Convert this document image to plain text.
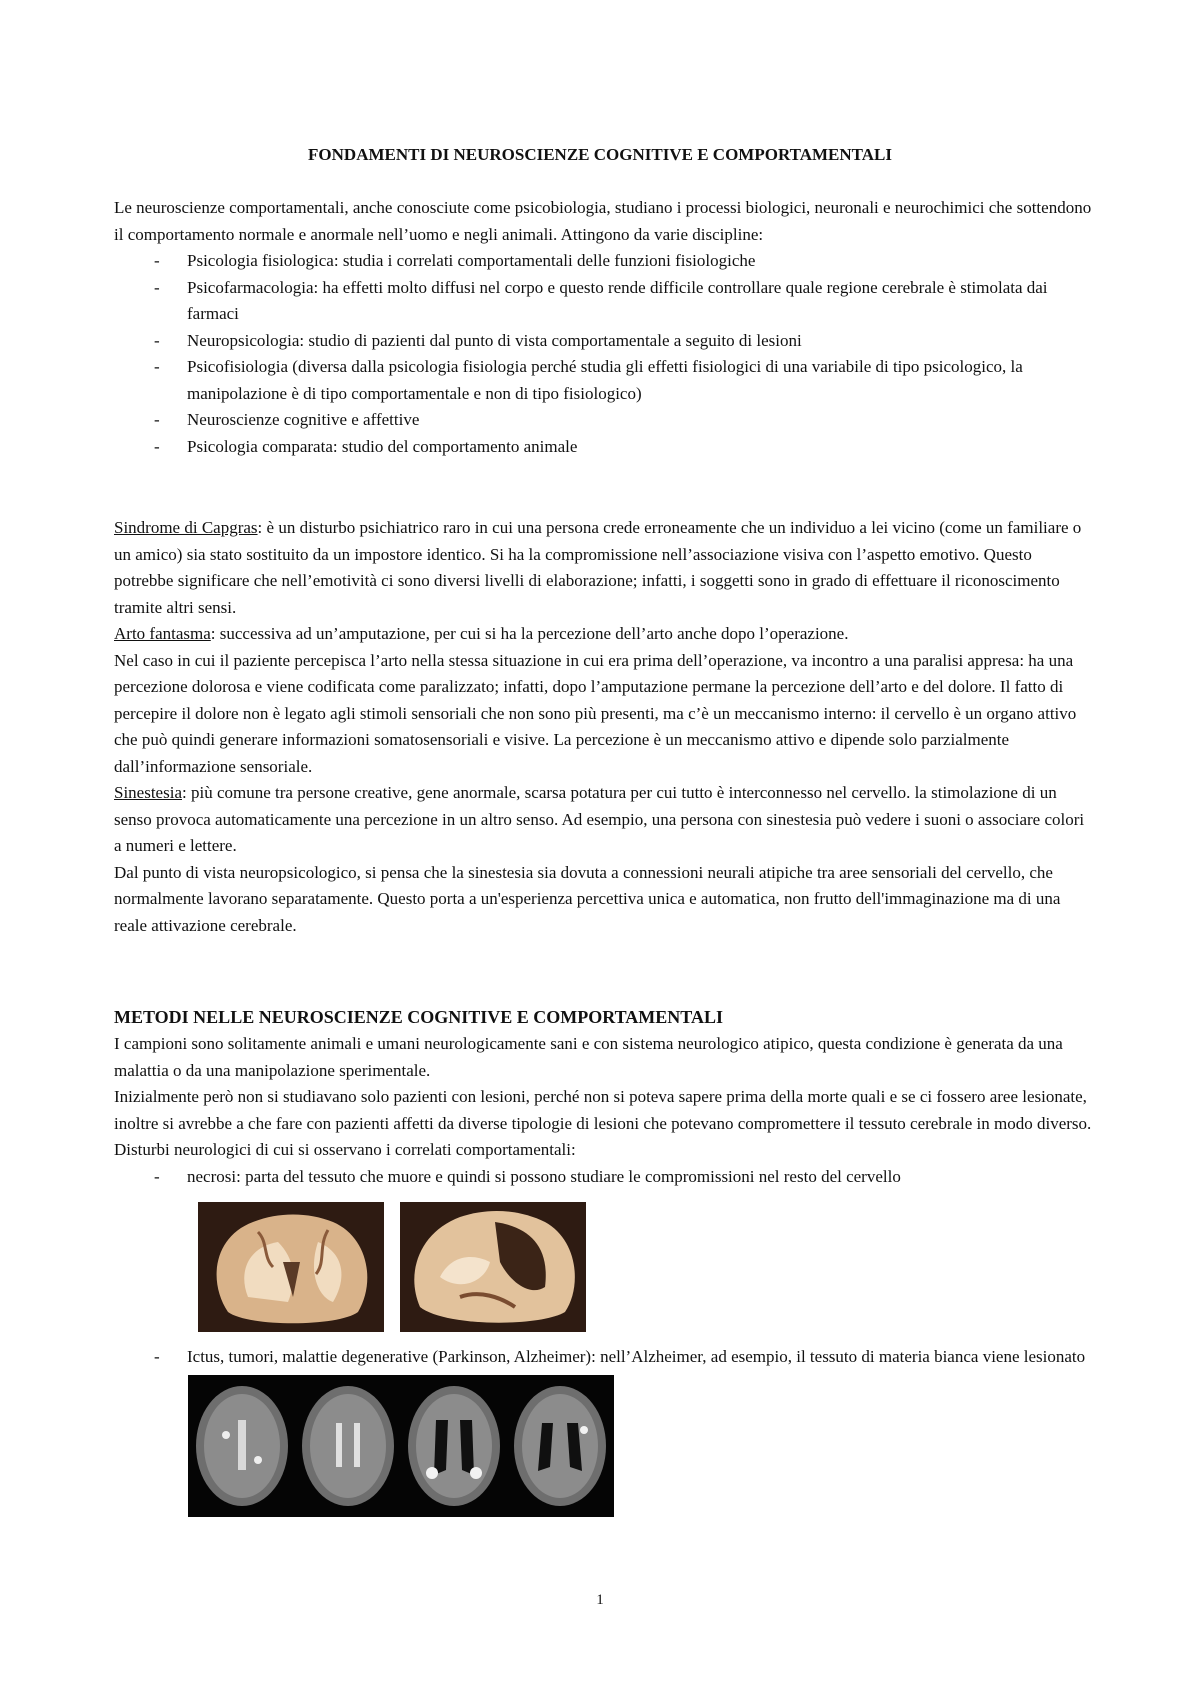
FONDAMENTI DI NEUROSCIENZE COGNITIVE E COMPORTAMENTALI

Le neuroscienze comportamentali, anche conosciute come psicobiologia, studiano i processi biologici, neuronali e neurochimici che sottendono il comportamento normale e anormale nell’uomo e negli animali. Attingono da varie discipline:

- Psicologia fisiologica: studia i correlati comportamentali delle funzioni fisiologiche
- Psicofarmacologia: ha effetti molto diffusi nel corpo e questo rende difficile controllare quale regione cerebrale è stimolata dai farmaci
- Neuropsicologia: studio di pazienti dal punto di vista comportamentale a seguito di lesioni
- Psicofisiologia (diversa dalla psicologia fisiologia perché studia gli effetti fisiologici di una variabile di tipo psicologico, la manipolazione è di tipo comportamentale e non di tipo fisiologico)
- Neuroscienze cognitive e affettive
- Psicologia comparata: studio del comportamento animale

Sindrome di Capgras: è un disturbo psichiatrico raro in cui una persona crede erroneamente che un individuo a lei vicino (come un familiare o un amico) sia stato sostituito da un impostore identico. Si ha la compromissione nell’associazione visiva con l’aspetto emotivo. Questo potrebbe significare che nell’emotività ci sono diversi livelli di elaborazione; infatti, i soggetti sono in grado di effettuare il riconoscimento tramite altri sensi.

Arto fantasma: successiva ad un’amputazione, per cui si ha la percezione dell’arto anche dopo l’operazione.

Nel caso in cui il paziente percepisca l’arto nella stessa situazione in cui era prima dell’operazione, va incontro a una paralisi appresa: ha una percezione dolorosa e viene codificata come paralizzato; infatti, dopo l’amputazione permane la percezione dell’arto e del dolore. Il fatto di percepire il dolore non è legato agli stimoli sensoriali che non sono più presenti, ma c’è un meccanismo interno: il cervello è un organo attivo che può quindi generare informazioni somatosensoriali e visive. La percezione è un meccanismo attivo e dipende solo parzialmente dall’informazione sensoriale.

Sinestesia: più comune tra persone creative, gene anormale, scarsa potatura per cui tutto è interconnesso nel cervello. la stimolazione di un senso provoca automaticamente una percezione in un altro senso. Ad esempio, una persona con sinestesia può vedere i suoni o associare colori a numeri e lettere.

Dal punto di vista neuropsicologico, si pensa che la sinestesia sia dovuta a connessioni neurali atipiche tra aree sensoriali del cervello, che normalmente lavorano separatamente. Questo porta a un'esperienza percettiva unica e automatica, non frutto dell'immaginazione ma di una reale attivazione cerebrale.

METODI NELLE NEUROSCIENZE COGNITIVE E COMPORTAMENTALI

I campioni sono solitamente animali e umani neurologicamente sani e con sistema neurologico atipico, questa condizione è generata da una malattia o da una manipolazione sperimentale.

Inizialmente però non si studiavano solo pazienti con lesioni, perché non si poteva sapere prima della morte quali e se ci fossero aree lesionate, inoltre si avrebbe a che fare con pazienti affetti da diverse tipologie di lesioni che potevano compromettere il tessuto cerebrale in modo diverso.

Disturbi neurologici di cui si osservano i correlati comportamentali:

- necrosi: parta del tessuto che muore e quindi si possono studiare le compromissioni nel resto del cervello
- Ictus, tumori, malattie degenerative (Parkinson, Alzheimer): nell’Alzheimer, ad esempio, il tessuto di materia bianca viene lesionato
1
